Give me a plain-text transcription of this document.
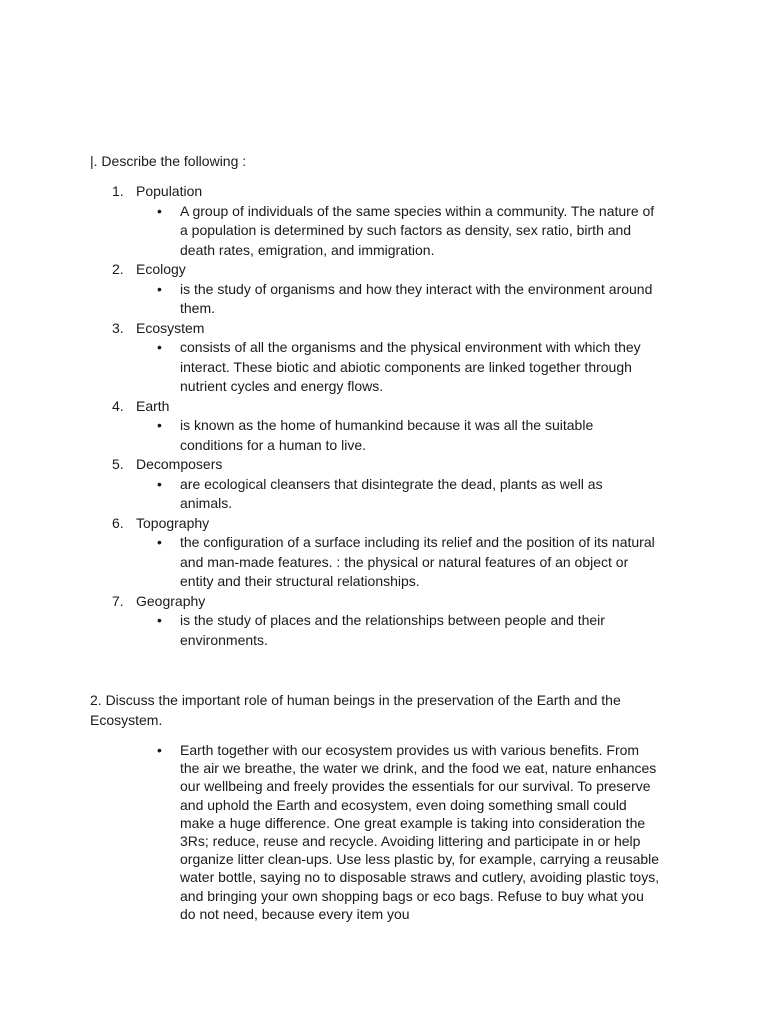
|. Describe the following :
1. Population
• A group of individuals of the same species within a community. The nature of a population is determined by such factors as density, sex ratio, birth and death rates, emigration, and immigration.
2. Ecology
• is the study of organisms and how they interact with the environment around them.
3. Ecosystem
• consists of all the organisms and the physical environment with which they interact. These biotic and abiotic components are linked together through nutrient cycles and energy flows.
4. Earth
• is known as the home of humankind because it was all the suitable conditions for a human to live.
5. Decomposers
• are ecological cleansers that disintegrate the dead, plants as well as animals.
6. Topography
• the configuration of a surface including its relief and the position of its natural and man-made features. : the physical or natural features of an object or entity and their structural relationships.
7. Geography
• is the study of places and the relationships between people and their environments.
2. Discuss the important role of human beings in the preservation of the Earth and the Ecosystem.
• Earth together with our ecosystem provides us with various benefits. From the air we breathe, the water we drink, and the food we eat, nature enhances our wellbeing and freely provides the essentials for our survival. To preserve and uphold the Earth and ecosystem, even doing something small could make a huge difference. One great example is taking into consideration the 3Rs; reduce, reuse and recycle. Avoiding littering and participate in or help organize litter clean-ups. Use less plastic by, for example, carrying a reusable water bottle, saying no to disposable straws and cutlery, avoiding plastic toys, and bringing your own shopping bags or eco bags. Refuse to buy what you do not need, because every item you
